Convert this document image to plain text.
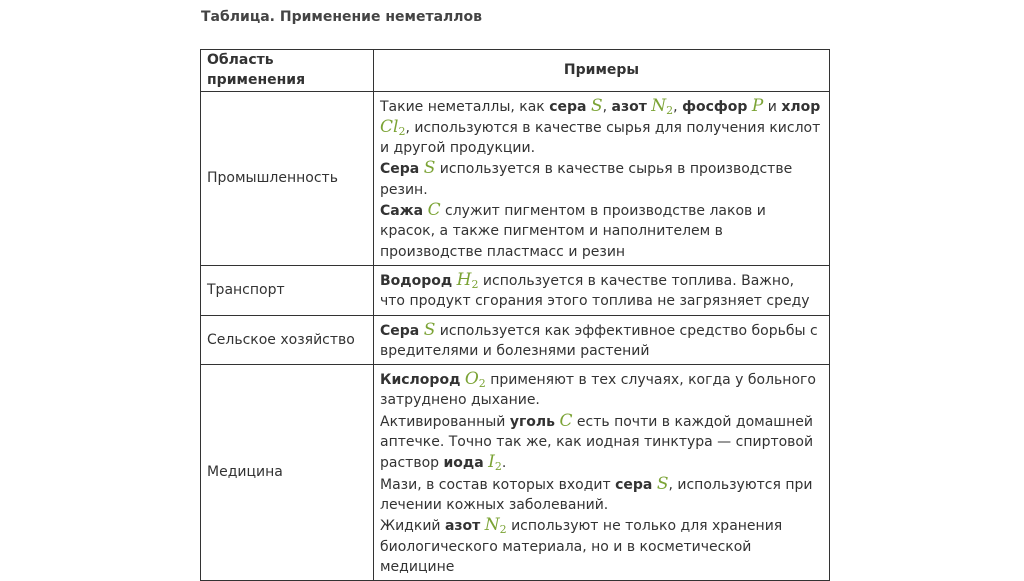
Таблица. Применение неметаллов
Область применения	Примеры
Промышленность	Такие неметаллы, как сера S, азот $N_2$, фосфор P и хлор $Cl_2$, используются в качестве сырья для получения кислот и другой продукции.
Сера S используется в качестве сырья в производстве резин.
Сажа C служит пигментом в производстве лаков и красок, а также пигментом и наполнителем в производстве пластмасс и резин
Транспорт	Водород $H_2$ используется в качестве топлива. Важно, что продукт сгорания этого топлива не загрязняет среду
Сельское хозяйство	Сера S используется как эффективное средство борьбы с вредителями и болезнями растений
Медицина	Кислород $O_2$ применяют в тех случаях, когда у больного затруднено дыхание.
Активированный уголь C есть почти в каждой домашней аптечке. Точно так же, как иодная тинктура — спиртовой раствор иода $I_2$.
Мази, в состав которых входит сера S, используются при лечении кожных заболеваний.
Жидкий азот $N_2$ используют не только для хранения биологического материала, но и в косметической медицине
